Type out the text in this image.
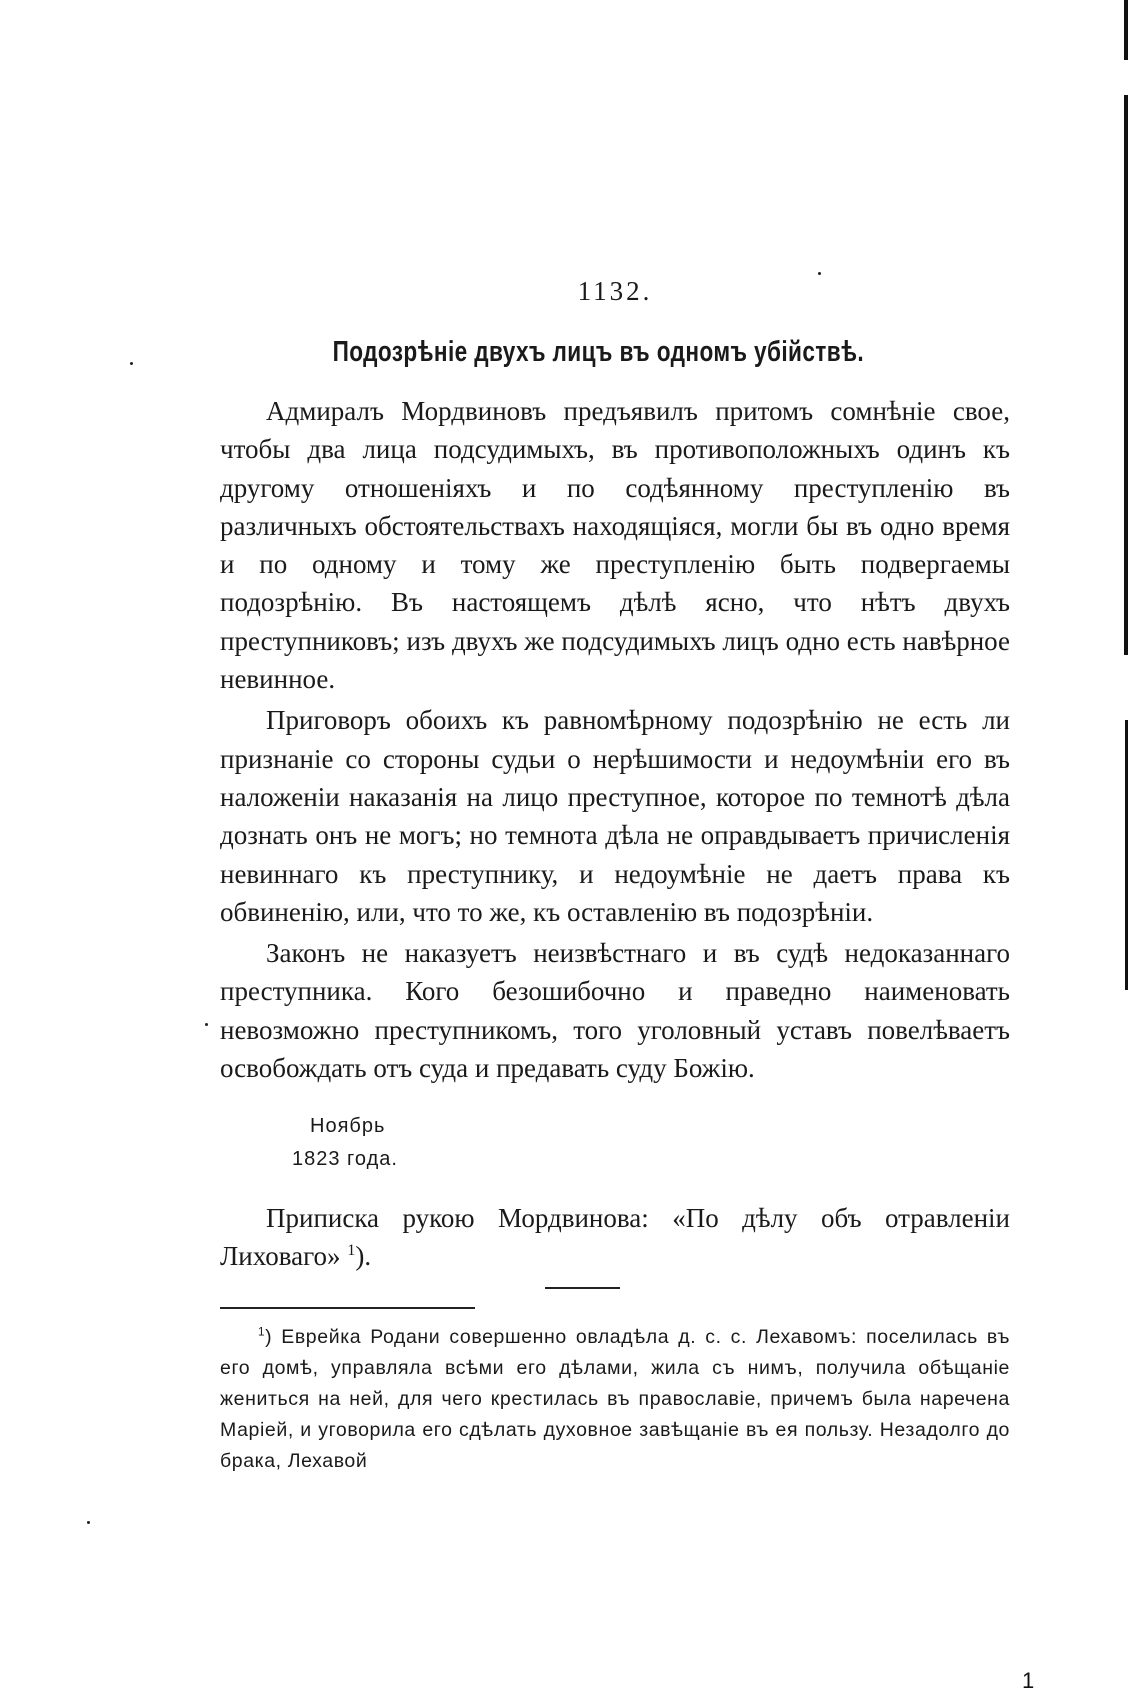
1132.
Подозрѣніе двухъ лицъ въ одномъ убійствѣ.

Адмиралъ Мордвиновъ предъявилъ притомъ сомнѣніе свое, чтобы два лица подсудимыхъ, въ противоположныхъ одинъ къ другому отношеніяхъ и по содѣянному преступленію въ различныхъ обстоятельствахъ находящіяся, могли бы въ одно время и по одному и тому же преступленію быть подвергаемы подозрѣнію. Въ настоящемъ дѣлѣ ясно, что нѣтъ двухъ преступниковъ; изъ двухъ же подсудимыхъ лицъ одно есть навѣрное невинное.

Приговоръ обоихъ къ равномѣрному подозрѣнію не есть ли признаніе со стороны судьи о нерѣшимости и недоумѣніи его въ наложеніи наказанія на лицо преступное, которое по темнотѣ дѣла дознать онъ не могъ; но темнота дѣла не оправдываетъ причисленія невиннаго къ преступнику, и недоумѣніе не даетъ права къ обвиненію, или, что то же, къ оставленію въ подозрѣніи.

Законъ не наказуетъ неизвѣстнаго и въ судѣ недоказаннаго преступника. Кого безошибочно и праведно наименовать невозможно преступникомъ, того уголовный уставъ повелѣваетъ освобождать отъ суда и предавать суду Божію.

Ноябрь
1823 года.

Приписка рукою Мордвинова: «По дѣлу объ отравленіи Лиховаго» $^1$).

$^1$) Еврейка Родани совершенно овладѣла д. с. с. Лехавомъ: поселилась въ его домѣ, управляла всѣми его дѣлами, жила съ нимъ, получила обѣщаніе жениться на ней, для чего крестилась въ православіе, причемъ была наречена Маріей, и уговорила его сдѣлать духовное завѣщаніе въ ея пользу. Незадолго до брака, Лехавой

1
